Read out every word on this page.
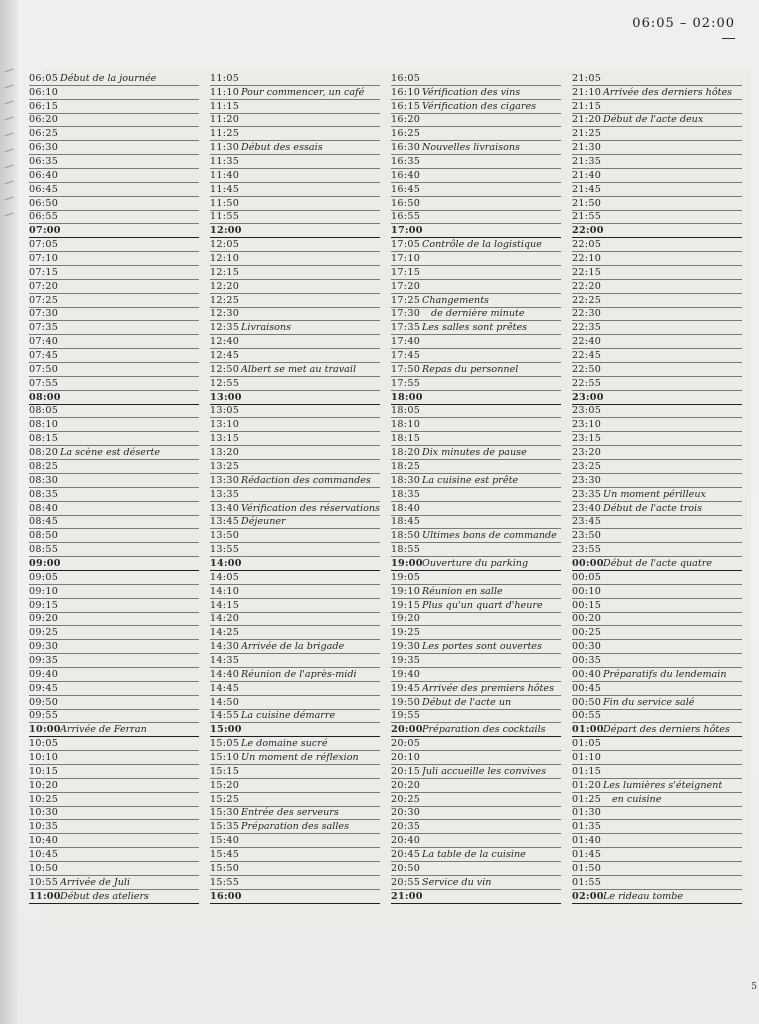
06:05 – 02:00
5
06:05 Début de la journée
06:10
06:15
06:20
06:25
06:30
06:35
06:40
06:45
06:50
06:55
07:00
07:05
07:10
07:15
07:20
07:25
07:30
07:35
07:40
07:45
07:50
07:55
08:00
08:05
08:10
08:15
08:20 La scène est déserte
08:25
08:30
08:35
08:40
08:45
08:50
08:55
09:00
09:05
09:10
09:15
09:20
09:25
09:30
09:35
09:40
09:45
09:50
09:55
10:00 Arrivée de Ferran
10:05
10:10
10:15
10:20
10:25
10:30
10:35
10:40
10:45
10:50
10:55 Arrivée de Juli
11:00 Début des ateliers
11:05
11:10 Pour commencer, un café
11:15
11:20
11:25
11:30 Début des essais
11:35
11:40
11:45
11:50
11:55
12:00
12:05
12:10
12:15
12:20
12:25
12:30
12:35 Livraisons
12:40
12:45
12:50 Albert se met au travail
12:55
13:00
13:05
13:10
13:15
13:20
13:25
13:30 Rédaction des commandes
13:35
13:40 Vérification des réservations
13:45 Déjeuner
13:50
13:55
14:00
14:05
14:10
14:15
14:20
14:25
14:30 Arrivée de la brigade
14:35
14:40 Réunion de l'après-midi
14:45
14:50
14:55 La cuisine démarre
15:00
15:05 Le domaine sucré
15:10 Un moment de réflexion
15:15
15:20
15:25
15:30 Entrée des serveurs
15:35 Préparation des salles
15:40
15:45
15:50
15:55
16:00
16:05
16:10 Vérification des vins
16:15 Vérification des cigares
16:20
16:25
16:30 Nouvelles livraisons
16:35
16:40
16:45
16:50
16:55
17:00
17:05 Contrôle de la logistique
17:10
17:15
17:20
17:25 Changements
17:30 de dernière minute
17:35 Les salles sont prêtes
17:40
17:45
17:50 Repas du personnel
17:55
18:00
18:05
18:10
18:15
18:20 Dix minutes de pause
18:25
18:30 La cuisine est prête
18:35
18:40
18:45
18:50 Ultimes bons de commande
18:55
19:00 Ouverture du parking
19:05
19:10 Réunion en salle
19:15 Plus qu'un quart d'heure
19:20
19:25
19:30 Les portes sont ouvertes
19:35
19:40
19:45 Arrivée des premiers hôtes
19:50 Début de l'acte un
19:55
20:00 Préparation des cocktails
20:05
20:10
20:15 Juli accueille les convives
20:20
20:25
20:30
20:35
20:40
20:45 La table de la cuisine
20:50
20:55 Service du vin
21:00
21:05
21:10 Arrivée des derniers hôtes
21:15
21:20 Début de l'acte deux
21:25
21:30
21:35
21:40
21:45
21:50
21:55
22:00
22:05
22:10
22:15
22:20
22:25
22:30
22:35
22:40
22:45
22:50
22:55
23:00
23:05
23:10
23:15
23:20
23:25
23:30
23:35 Un moment périlleux
23:40 Début de l'acte trois
23:45
23:50
23:55
00:00 Début de l'acte quatre
00:05
00:10
00:15
00:20
00:25
00:30
00:35
00:40 Préparatifs du lendemain
00:45
00:50 Fin du service salé
00:55
01:00 Départ des derniers hôtes
01:05
01:10
01:15
01:20 Les lumières s'éteignent
01:25 en cuisine
01:30
01:35
01:40
01:45
01:50
01:55
02:00 Le rideau tombe
